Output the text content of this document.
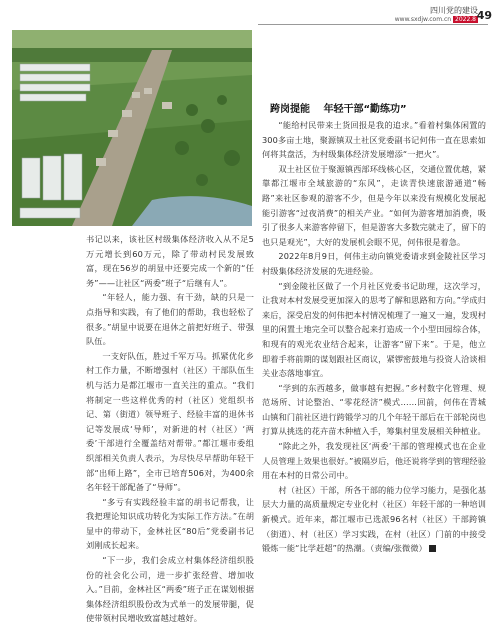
四川党的建设
www.sxdjw.com.cn 2022.8 49
跨岗提能 年轻干部“勤练功”

“能给村民带来土货回报是我的追求。”看着村集体闲置的300多亩土地，聚源镇双土社区党委副书记何伟一直在思索如何将其盘活，为村级集体经济发展增添“一把火”。

双土社区位于聚源镇西部环线核心区，交通位置优越，紧靠都江堰市全域旅游的“东风”，走读青快速旅游通道“畅路”来社区参观的游客不少，但是今年以来没有规模化发展起能引游客“过夜消费”的相关产业。“如何为游客增加消费，吸引了很多人来游客停留下，但是游客大多数完就走了，留下的也只是观光”，大好的发展机会眼不见，何伟很是着急。

2022年8月9日，何伟主动向镇党委请求到金陵社区学习村级集体经济发展的先进经验。

“到金陵社区做了一个月社区党委书记助理，这次学习，让我对本村发展受更加深入的思考了解和思路和方向。”学成归来后，深受启发的何伟把本村情况梳理了一遍又一遍，发现村里的闲置土地完全可以整合起来打造成一个小型田园综合体，和现有的观光农业结合起来，让游客“留下来”。于是，他立即着手将前期的谋划跟社区商议，紧锣密鼓地与投资人洽谈相关业态落地事宜。

“学到的东西越多，做事越有把握。”乡村数字化管理、规范场所、讨论整治、“零花经济”模式……回前，何伟在青城山镇和门前社区进行跨锻学习的几个年轻干部后在干部轮岗也打算从挑选的花卉苗木种植入手，筹集村里发展相关种植业。

“除此之外，我发现社区‘两委’干部的管理模式也在企业人员管理上效果也很好。”被隔岁后，他还说将学到的管理经验用在本村的日常公司中。

村（社区）干部，所各干部的能力位学习能力，是强化基层大力量的高质量规定专业化村（社区）年轻干部的一种培训新模式。近年来，都江堰市已选派96名村（社区）干部跨镇（街道）、村（社区）学习实践，在村（社区）门前的中接受锻炼一能“比学赶超”的热潮。（责编/张微微）

书记以来，该社区村级集体经济收入从不足5万元增长到60万元，除了带动村民发展致富，现在56岁的胡显中还要完成一个新的“任务”——让社区“两委”班子“后继有人”。

“年轻人，能力强、有干劲，缺的只是一点指导和实践，有了他们的帮助，我也轻松了很多。”胡显中说要在退休之前把好班子、带强队伍。

一支好队伍，胜过千军万马。抓紧优化乡村工作力量，不断增强村（社区）干部队伍生机与活力是都江堰市一直关注的重点。“我们将制定一些这样优秀的村（社区）党组织书记、第（街道）领导班子、经验丰富的退休书记等发展成‘导师’，对新进的村（社区）‘两委’干部进行全覆盖结对帮带。”都江堰市委组织部相关负责人表示，为尽快尽早帮助年轻干部“出师上路”，全市已培育506对，为400余名年轻干部配备了“导师”。

“多亏有实践经验丰富的胡书记帮我，让我把理论知识成功转化为实际工作方法。”在胡显中的带动下，金林社区“80后”党委副书记刘刚成长起来。

“下一步，我们会成立村集体经济组织股份的社会化公司，进一步扩张经营、增加收入。”目前，金林社区“两委”班子正在谋划根据集体经济组织股份改为式单一的发展带腿，促使带领村民增收致富越过越好。
